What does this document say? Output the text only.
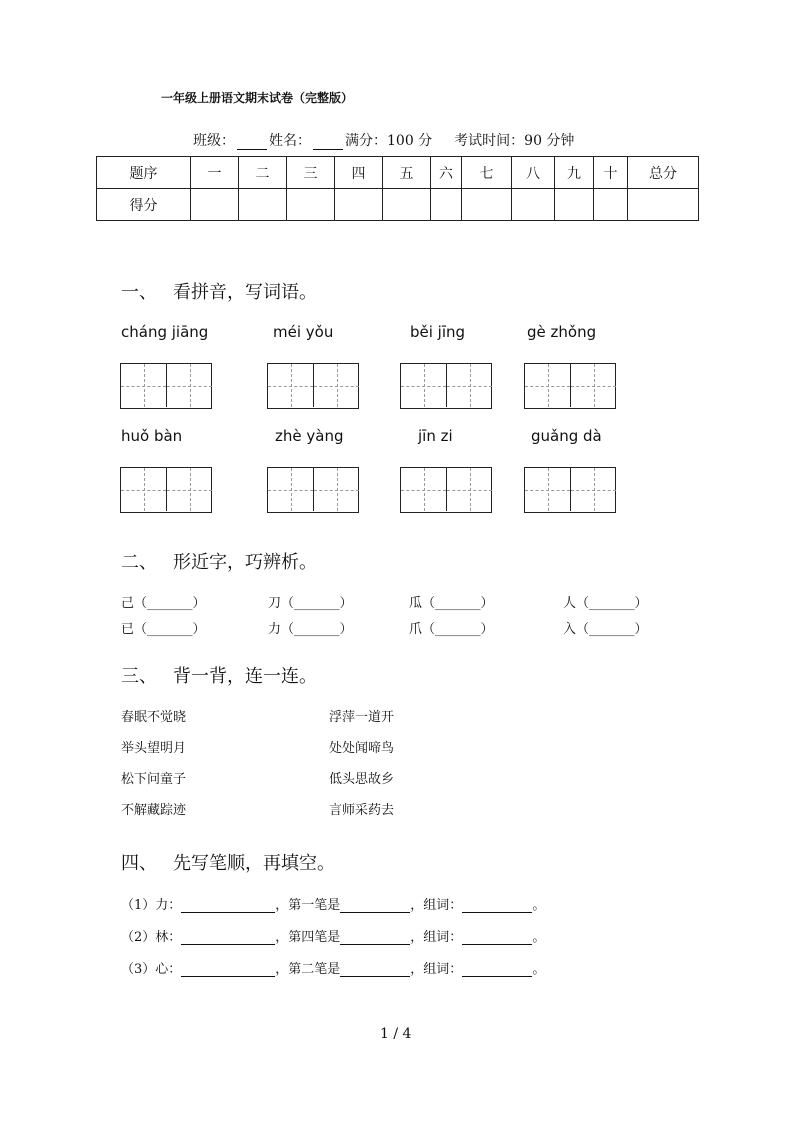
一年级上册语文期末试卷（完整版）
班级： 姓名： 满分：100 分 考试时间：90 分钟
题序	一	二	三	四	五	六	七	八	九	十	总分
得分											
一、 看拼音，写词语。
cháng jiāng	méi yǒu	běi jīng	gè zhǒng
huǒ bàn	zhè yàng	jīn zi	guǎng dà
二、 形近字，巧辨析。
己（_______）	刀（_______）	瓜（_______）	人（_______）
已（_______）	力（_______）	爪（_______）	入（_______）
三、 背一背，连一连。
春眠不觉晓
举头望明月
松下问童子
不解藏踪迹
浮萍一道开
处处闻啼鸟
低头思故乡
言师采药去
四、 先写笔顺，再填空。
（1）力：	，第一笔是	，组词：	。
（2）林：	，第四笔是	，组词：	。
（3）心：	，第二笔是	，组词：	。
1 / 4
